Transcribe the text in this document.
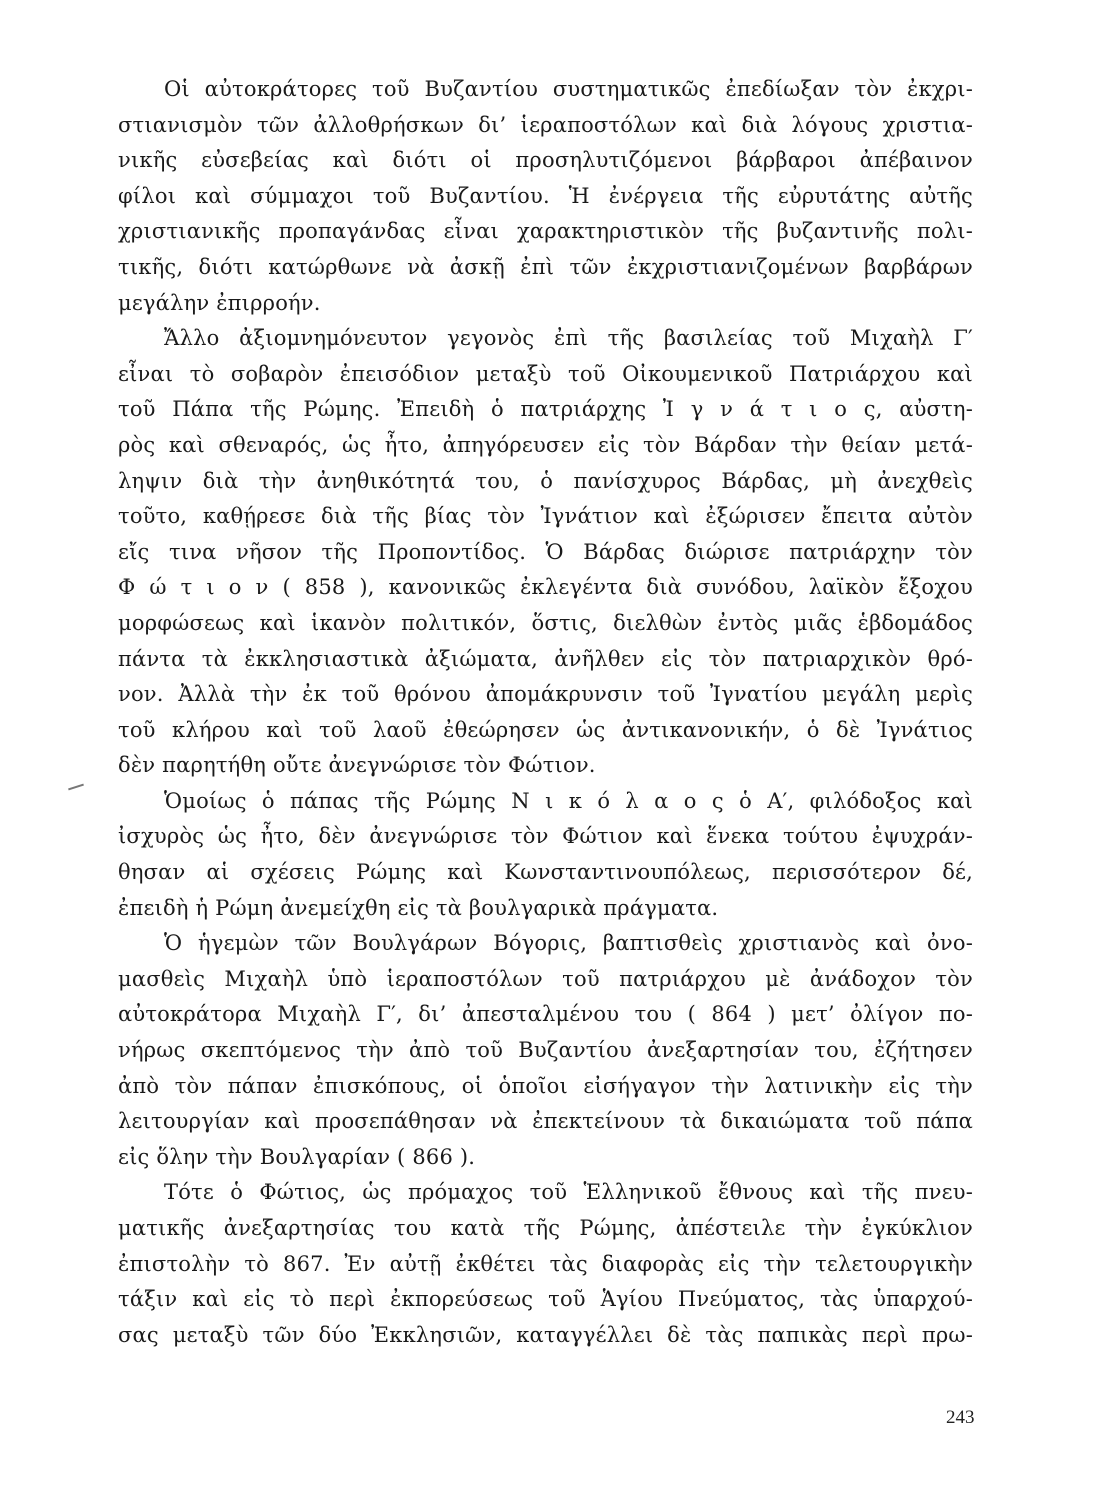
Οἱ αὐτοκράτορες τοῦ Βυζαντίου συστηματικῶς ἐπεδίωξαν τὸν ἐκχρι-
στιανισμὸν τῶν ἀλλοθρήσκων δι’ ἱεραποστόλων καὶ διὰ λόγους χριστια-
νικῆς εὐσεβείας καὶ διότι οἱ προσηλυτιζόμενοι βάρβαροι ἀπέβαινον
φίλοι καὶ σύμμαχοι τοῦ Βυζαντίου. Ἡ ἐνέργεια τῆς εὐρυτάτης αὐτῆς
χριστιανικῆς προπαγάνδας εἶναι χαρακτηριστικὸν τῆς βυζαντινῆς πολι-
τικῆς, διότι κατώρθωνε νὰ ἀσκῇ ἐπὶ τῶν ἐκχριστιανιζομένων βαρβάρων
μεγάλην ἐπιρροήν.
Ἄλλο ἀξιομνημόνευτον γεγονὸς ἐπὶ τῆς βασιλείας τοῦ Μιχαὴλ Γ′
εἶναι τὸ σοβαρὸν ἐπεισόδιον μεταξὺ τοῦ Οἰκουμενικοῦ Πατριάρχου καὶ
τοῦ Πάπα τῆς Ρώμης. Ἐπειδὴ ὁ πατριάρχης Ἰ γ ν ά τ ι ο ς, αὐστη-
ρὸς καὶ σθεναρός, ὡς ἦτο, ἀπηγόρευσεν εἰς τὸν Βάρδαν τὴν θείαν μετά-
ληψιν διὰ τὴν ἀνηθικότητά του, ὁ πανίσχυρος Βάρδας, μὴ ἀνεχθεὶς
τοῦτο, καθῄρεσε διὰ τῆς βίας τὸν Ἰγνάτιον καὶ ἐξώρισεν ἔπειτα αὐτὸν
εἴς τινα νῆσον τῆς Προποντίδος. Ὁ Βάρδας διώρισε πατριάρχην τὸν
Φ ώ τ ι ο ν ( 858 ), κανονικῶς ἐκλεγέντα διὰ συνόδου, λαϊκὸν ἔξοχου
μορφώσεως καὶ ἱκανὸν πολιτικόν, ὅστις, διελθὼν ἐντὸς μιᾶς ἑβδομάδος
πάντα τὰ ἐκκλησιαστικὰ ἀξιώματα, ἀνῆλθεν εἰς τὸν πατριαρχικὸν θρό-
νον. Ἀλλὰ τὴν ἐκ τοῦ θρόνου ἀπομάκρυνσιν τοῦ Ἰγνατίου μεγάλη μερὶς
τοῦ κλήρου καὶ τοῦ λαοῦ ἐθεώρησεν ὡς ἀντικανονικήν, ὁ δὲ Ἰγνάτιος
δὲν παρητήθη οὔτε ἀνεγνώρισε τὸν Φώτιον.
Ὁμοίως ὁ πάπας τῆς Ρώμης Ν ι κ ό λ α ο ς ὁ Α′, φιλόδοξος καὶ
ἰσχυρὸς ὡς ἦτο, δὲν ἀνεγνώρισε τὸν Φώτιον καὶ ἕνεκα τούτου ἐψυχράν-
θησαν αἱ σχέσεις Ρώμης καὶ Κωνσταντινουπόλεως, περισσότερον δέ,
ἐπειδὴ ἡ Ρώμη ἀνεμείχθη εἰς τὰ βουλγαρικὰ πράγματα.
Ὁ ἡγεμὼν τῶν Βουλγάρων Βόγορις, βαπτισθεὶς χριστιανὸς καὶ ὀνο-
μασθεὶς Μιχαὴλ ὑπὸ ἱεραποστόλων τοῦ πατριάρχου μὲ ἀνάδοχον τὸν
αὐτοκράτορα Μιχαὴλ Γ′, δι’ ἀπεσταλμένου του ( 864 ) μετ’ ὀλίγον πο-
νήρως σκεπτόμενος τὴν ἀπὸ τοῦ Βυζαντίου ἀνεξαρτησίαν του, ἐζήτησεν
ἀπὸ τὸν πάπαν ἐπισκόπους, οἱ ὁποῖοι εἰσήγαγον τὴν λατινικὴν εἰς τὴν
λειτουργίαν καὶ προσεπάθησαν νὰ ἐπεκτείνουν τὰ δικαιώματα τοῦ πάπα
εἰς ὅλην τὴν Βουλγαρίαν ( 866 ).
Τότε ὁ Φώτιος, ὡς πρόμαχος τοῦ Ἑλληνικοῦ ἔθνους καὶ τῆς πνευ-
ματικῆς ἀνεξαρτησίας του κατὰ τῆς Ρώμης, ἀπέστειλε τὴν ἐγκύκλιον
ἐπιστολὴν τὸ 867. Ἐν αὐτῇ ἐκθέτει τὰς διαφορὰς εἰς τὴν τελετουργικὴν
τάξιν καὶ εἰς τὸ περὶ ἐκπορεύσεως τοῦ Ἁγίου Πνεύματος, τὰς ὑπαρχού-
σας μεταξὺ τῶν δύο Ἐκκλησιῶν, καταγγέλλει δὲ τὰς παπικὰς περὶ πρω-
243
